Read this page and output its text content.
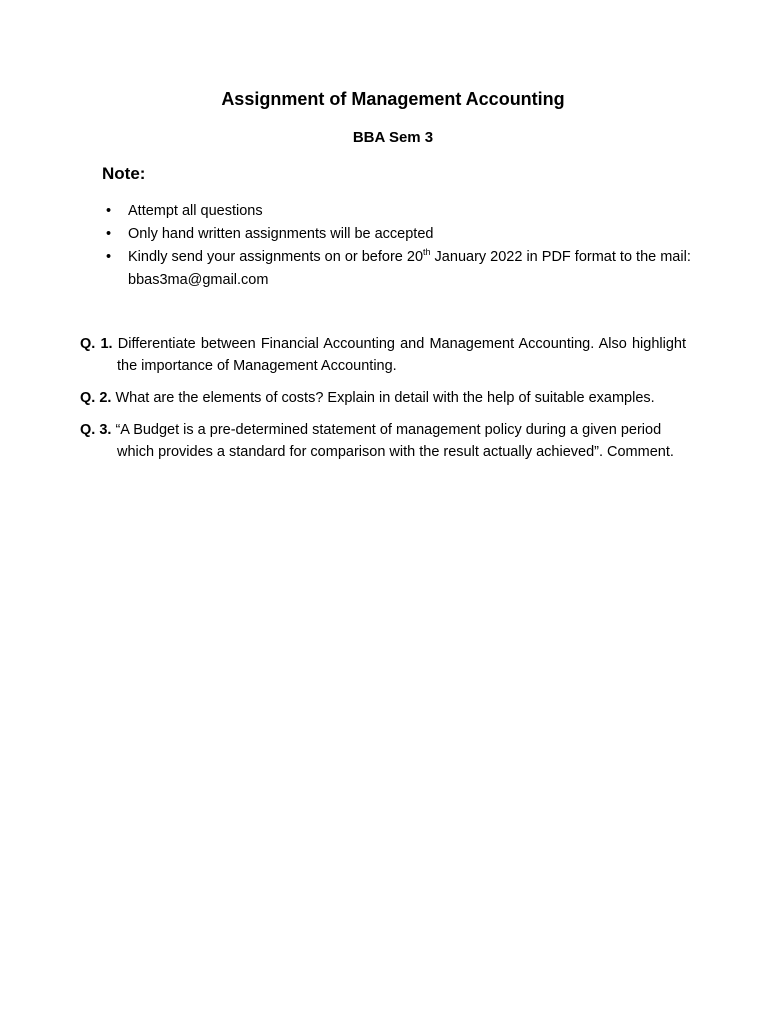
Assignment of Management Accounting
BBA Sem 3
Note:
• Attempt all questions
• Only hand written assignments will be accepted
• Kindly send your assignments on or before 20th January 2022 in PDF format to the mail: bbas3ma@gmail.com

Q. 1. Differentiate between Financial Accounting and Management Accounting. Also highlight the importance of Management Accounting.

Q. 2. What are the elements of costs? Explain in detail with the help of suitable examples.

Q. 3. “A Budget is a pre-determined statement of management policy during a given period which provides a standard for comparison with the result actually achieved”. Comment.
